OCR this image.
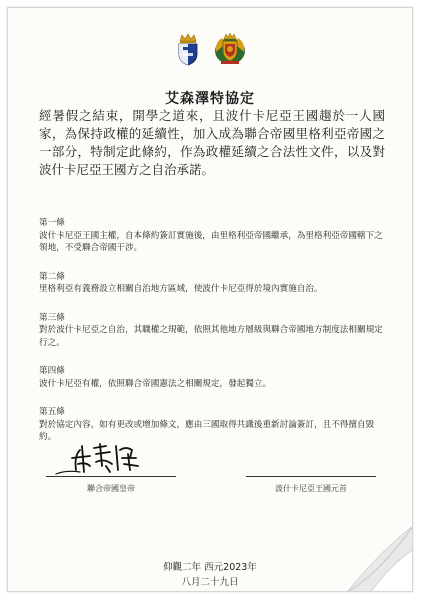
艾森澤特協定
經暑假之結束，開學之道來，且波什卡尼亞王國趨於一人國家，為保持政權的延續性，加入成為聯合帝國里格利亞帝國之一部分，特制定此條約，作為政權延續之合法性文件，以及對波什卡尼亞王國方之自治承諾。
第一條
波什卡尼亞王國主權，自本條約簽訂實施後，由里格利亞帝國繼承，為里格利亞帝國轄下之領地，不受聯合帝國干涉。
第二條
里格利亞有義務設立相關自治地方區域，使波什卡尼亞得於境內實施自治。
第三條
對於波什卡尼亞之自治，其職權之規範，依照其他地方層級與聯合帝國地方制度法相關規定行之。
第四條
波什卡尼亞有權，依照聯合帝國憲法之相關規定，發起獨立。
第五條
對於協定內容，如有更改或增加條文，應由三國取得共識後重新討論簽訂，且不得擅自毀約。
聯合帝國皇帝	波什卡尼亞王國元首
仰觀二年 西元2023年
八月二十九日
